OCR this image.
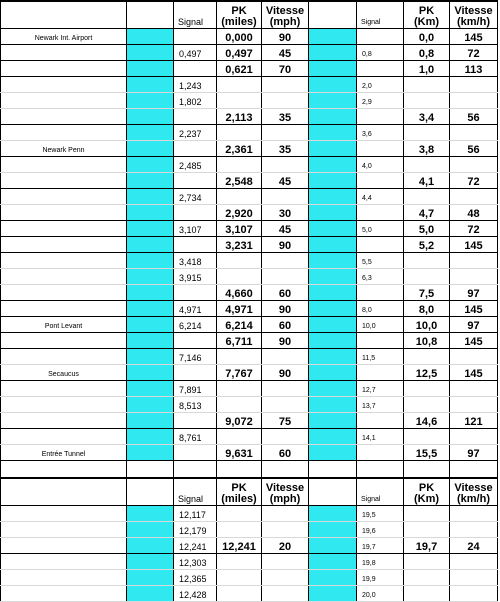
		Signal	PK (miles)	Vitesse (mph)		Signal	PK (Km)	Vitesse (km/h)
Newark Int. Airport			0,000	90			0,0	145
		0,497	0,497	45		0,8	0,8	72
			0,621	70			1,0	113
		1,243				2,0		
		1,802				2,9		
			2,113	35			3,4	56
		2,237				3,6		
Newark Penn			2,361	35			3,8	56
		2,485				4,0		
			2,548	45			4,1	72
		2,734				4,4		
			2,920	30			4,7	48
		3,107	3,107	45		5,0	5,0	72
			3,231	90			5,2	145
		3,418				5,5		
		3,915				6,3		
			4,660	60			7,5	97
		4,971	4,971	90		8,0	8,0	145
Pont Levant		6,214	6,214	60		10,0	10,0	97
			6,711	90			10,8	145
		7,146				11,5		
Secaucus			7,767	90			12,5	145
		7,891				12,7		
		8,513				13,7		
			9,072	75			14,6	121
		8,761				14,1		
Entrée Tunnel			9,631	60			15,5	97

		Signal	PK (miles)	Vitesse (mph)		Signal	PK (Km)	Vitesse (km/h)
		12,117				19,5		
		12,179				19,6		
		12,241	12,241	20		19,7	19,7	24
		12,303				19,8		
		12,365				19,9		
		12,428				20,0		
